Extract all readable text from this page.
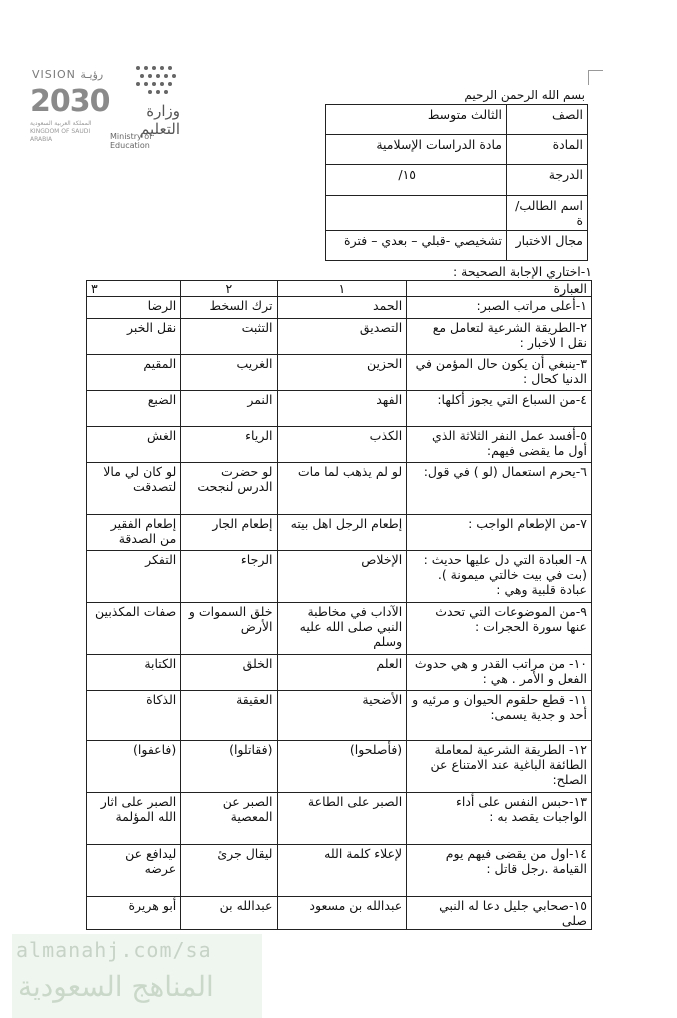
VISION رؤيـة
2030
المملكة العربية السعودية KINGDOM OF SAUDI ARABIA
وزارة التعليم
Ministry of Education
بسم الله الرحمن الرحيم
الصف	الثالث متوسط
المادة	مادة الدراسات الإسلامية
الدرجة	١٥/
اسم الطالب/ة	
مجال الاختبار	تشخيصي -قبلي – بعدي – فترة
١-اختاري الإجابة الصحيحة :
العبارة	١	٢	٣
١-أعلى مراتب الصبر:	الحمد	ترك السخط	الرضا
٢-الطريقة الشرعية لتعامل مع نقل ا لاخبار :	التصديق	التثبت	نقل الخبر
٣-ينبغي أن يكون حال المؤمن في الدنيا كحال :	الحزين	الغريب	المقيم
٤-من السباع التي يجوز أكلها:	الفهد	النمر	الضبع
٥-أفسد عمل النفر الثلاثة الذي أول ما يقضى فيهم:	الكذب	الرياء	الغش
٦-يحرم استعمال (لو ) في قول:	لو لم يذهب لما مات	لو حضرت الدرس لنجحت	لو كان لي مالا لتصدقت
٧-من الإطعام الواجب :	إطعام الرجل اهل بيته	إطعام الجار	إطعام الفقير من الصدقة
٨- العبادة التي دل عليها حديث : (بت في بيت خالتي ميمونة ). عبادة قلبية وهي :	الإخلاص	الرجاء	التفكر
٩-من الموضوعات التي تحدث عنها سورة الحجرات :	الآداب في مخاطبة النبي صلى الله عليه وسلم	خلق السموات و الأرض	صفات المكذبين
١٠- من مراتب القدر و هي حدوث الفعل و الأمر . هي :	العلم	الخلق	الكتابة
١١- قطع حلقوم الحيوان و مرئيه و أحد و جدية يسمى:	الأضحية	العقيقة	الذكاة
١٢- الطريقة الشرعية لمعاملة الطائفة الباغية عند الامتناع عن الصلح:	(فأصلحوا)	(فقاتلوا)	(فاعفوا)
١٣-حبس النفس على أداء الواجبات يقصد به :	الصبر على الطاعة	الصبر عن المعصية	الصبر على اثار الله المؤلمة
١٤-اول من يقضى فيهم يوم القيامة .رجل قاتل :	لإعلاء كلمة الله	ليقال جرئ	ليدافع عن عرضه
١٥-صحابي جليل دعا له النبي صلى	عبدالله بن مسعود	عبدالله بن	أبو هريرة
almanahj.com/sa
المناهج السعودية
